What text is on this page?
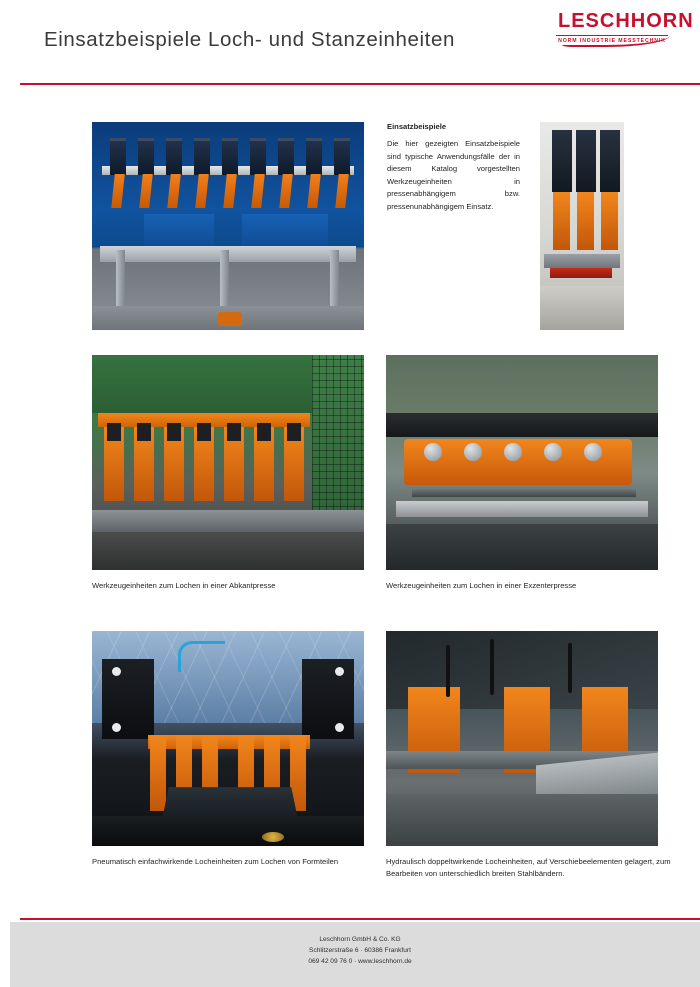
Einsatzbeispiele Loch- und Stanzeinheiten
LESCHHORN
NORM INDUSTRIE MESSTECHNIK

Einsatzbeispiele

Die hier gezeigten Einsatzbeispiele sind typische Anwendungsfälle der in diesem Katalog vorgestellten Werkzeugeinheiten in pressenabhängigem bzw. pressenunabhängigem Einsatz.

Werkzeugeinheiten zum Lochen in einer Abkantpresse	Werkzeugeinheiten zum Lochen in einer Exzenterpresse
Pneumatisch einfachwirkende Locheinheiten zum Lochen von Formteilen	Hydraulisch doppeltwirkende Locheinheiten, auf Verschiebeelementen gelagert, zum Bearbeiten von unterschiedlich breiten Stahlbändern.
Leschhorn GmbH & Co. KG
Schlitzerstraße 6 · 60386 Frankfurt
069 42 09 76 0 · www.leschhorn.de
